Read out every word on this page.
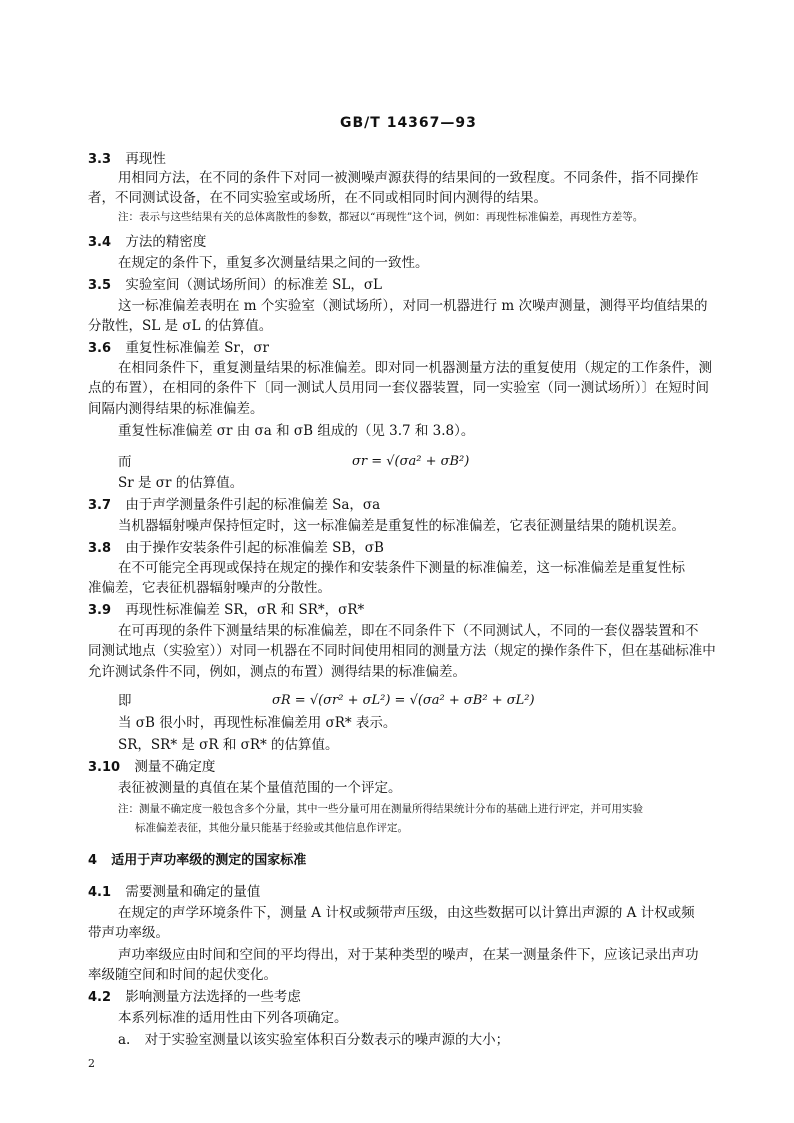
GB/T 14367—93
3.3 再现性
用相同方法，在不同的条件下对同一被测噪声源获得的结果间的一致程度。不同条件，指不同操作
者，不同测试设备，在不同实验室或场所，在不同或相同时间内测得的结果。
注：表示与这些结果有关的总体离散性的参数，都冠以“再现性”这个词，例如：再现性标准偏差，再现性方差等。
3.4 方法的精密度
在规定的条件下，重复多次测量结果之间的一致性。
3.5 实验室间（测试场所间）的标准差 SL，σL
这一标准偏差表明在 m 个实验室（测试场所），对同一机器进行 m 次噪声测量，测得平均值结果的
分散性，SL 是 σL 的估算值。
3.6 重复性标准偏差 Sr，σr
在相同条件下，重复测量结果的标准偏差。即对同一机器测量方法的重复使用（规定的工作条件，测
点的布置），在相同的条件下〔同一测试人员用同一套仪器装置，同一实验室（同一测试场所）〕在短时间
间隔内测得结果的标准偏差。
重复性标准偏差 σr 由 σa 和 σB 组成的（见 3.7 和 3.8）。
而	σr = √(σa² + σB²)
Sr 是 σr 的估算值。
3.7 由于声学测量条件引起的标准偏差 Sa，σa
当机器辐射噪声保持恒定时，这一标准偏差是重复性的标准偏差，它表征测量结果的随机误差。
3.8 由于操作安装条件引起的标准偏差 SB，σB
在不可能完全再现或保持在规定的操作和安装条件下测量的标准偏差，这一标准偏差是重复性标
准偏差，它表征机器辐射噪声的分散性。
3.9 再现性标准偏差 SR，σR 和 SR*，σR*
在可再现的条件下测量结果的标准偏差，即在不同条件下（不同测试人，不同的一套仪器装置和不
同测试地点（实验室））对同一机器在不同时间使用相同的测量方法（规定的操作条件下，但在基础标准中
允许测试条件不同，例如，测点的布置）测得结果的标准偏差。
即	σR = √(σr² + σL²) = √(σa² + σB² + σL²)
当 σB 很小时，再现性标准偏差用 σR* 表示。
SR，SR* 是 σR 和 σR* 的估算值。
3.10 测量不确定度
表征被测量的真值在某个量值范围的一个评定。
注：测量不确定度一般包含多个分量，其中一些分量可用在测量所得结果统计分布的基础上进行评定，并可用实验
标准偏差表征，其他分量只能基于经验或其他信息作评定。
4 适用于声功率级的测定的国家标准
4.1 需要测量和确定的量值
在规定的声学环境条件下，测量 A 计权或频带声压级，由这些数据可以计算出声源的 A 计权或频
带声功率级。
声功率级应由时间和空间的平均得出，对于某种类型的噪声，在某一测量条件下，应该记录出声功
率级随空间和时间的起伏变化。
4.2 影响测量方法选择的一些考虑
本系列标准的适用性由下列各项确定。
a. 对于实验室测量以该实验室体积百分数表示的噪声源的大小；
2
